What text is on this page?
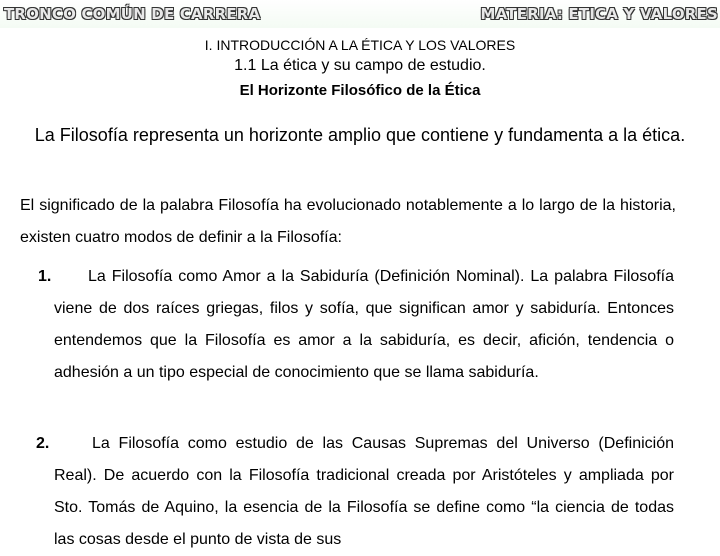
TRONCO COMÚN DE CARRERA	MATERIA: ETICA Y VALORES
I. INTRODUCCIÓN A LA ÉTICA Y LOS VALORES
1.1 La ética y su campo de estudio.
El Horizonte Filosófico de la Ética
La Filosofía representa un horizonte amplio que contiene y fundamenta a la ética.
El significado de la palabra Filosofía ha evolucionado notablemente a lo largo de la historia, existen cuatro modos de definir a la Filosofía:
1.	La Filosofía como Amor a la Sabiduría (Definición Nominal). La palabra Filosofía viene de dos raíces griegas, filos y sofía, que significan amor y sabiduría. Entonces entendemos que la Filosofía es amor a la sabiduría, es decir, afición, tendencia o adhesión a un tipo especial de conocimiento que se llama sabiduría.
2.	La Filosofía como estudio de las Causas Supremas del Universo (Definición Real). De acuerdo con la Filosofía tradicional creada por Aristóteles y ampliada por Sto. Tomás de Aquino, la esencia de la Filosofía se define como “la ciencia de todas las cosas desde el punto de vista de sus
